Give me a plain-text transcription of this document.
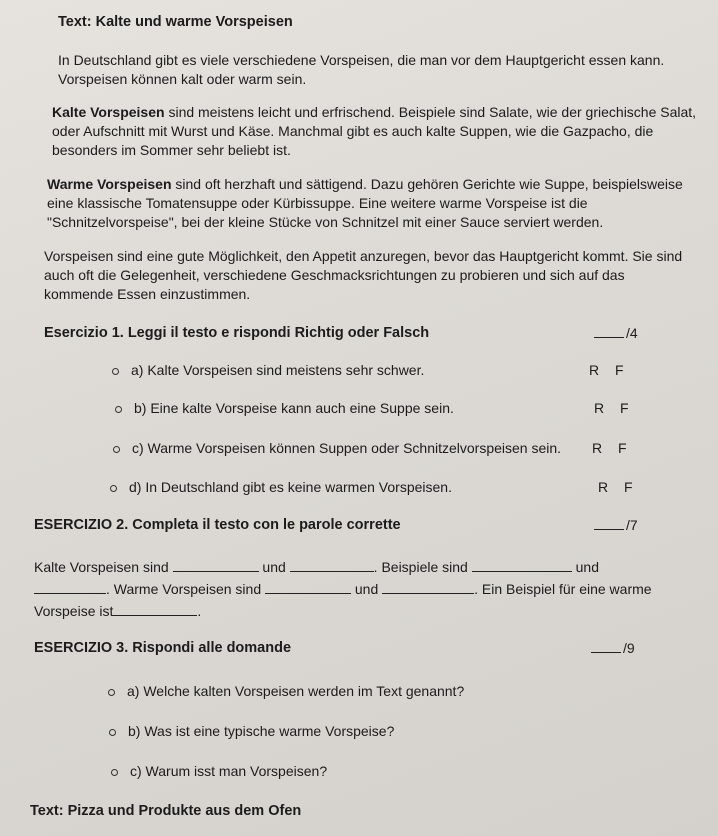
Text: Kalte und warme Vorspeisen
In Deutschland gibt es viele verschiedene Vorspeisen, die man vor dem Hauptgericht essen kann. Vorspeisen können kalt oder warm sein.
Kalte Vorspeisen sind meistens leicht und erfrischend. Beispiele sind Salate, wie der griechische Salat, oder Aufschnitt mit Wurst und Käse. Manchmal gibt es auch kalte Suppen, wie die Gazpacho, die besonders im Sommer sehr beliebt ist.
Warme Vorspeisen sind oft herzhaft und sättigend. Dazu gehören Gerichte wie Suppe, beispielsweise eine klassische Tomatensuppe oder Kürbissuppe. Eine weitere warme Vorspeise ist die "Schnitzelvorspeise", bei der kleine Stücke von Schnitzel mit einer Sauce serviert werden.
Vorspeisen sind eine gute Möglichkeit, den Appetit anzuregen, bevor das Hauptgericht kommt. Sie sind auch oft die Gelegenheit, verschiedene Geschmacksrichtungen zu probieren und sich auf das kommende Essen einzustimmen.
Esercizio 1. Leggi il testo e rispondi Richtig oder Falsch	/4
a) Kalte Vorspeisen sind meistens sehr schwer.	R F
b) Eine kalte Vorspeise kann auch eine Suppe sein.	R F
c) Warme Vorspeisen können Suppen oder Schnitzelvorspeisen sein. R F
d) In Deutschland gibt es keine warmen Vorspeisen.	R F
ESERCIZIO 2. Completa il testo con le parole corrette	/7
Kalte Vorspeisen sind	und	. Beispiele sind	und
. Warme Vorspeisen sind	und	. Ein Beispiel für eine warme
Vorspeise ist	.
ESERCIZIO 3. Rispondi alle domande	/9
a) Welche kalten Vorspeisen werden im Text genannt?
b) Was ist eine typische warme Vorspeise?
c) Warum isst man Vorspeisen?
Text: Pizza und Produkte aus dem Ofen
